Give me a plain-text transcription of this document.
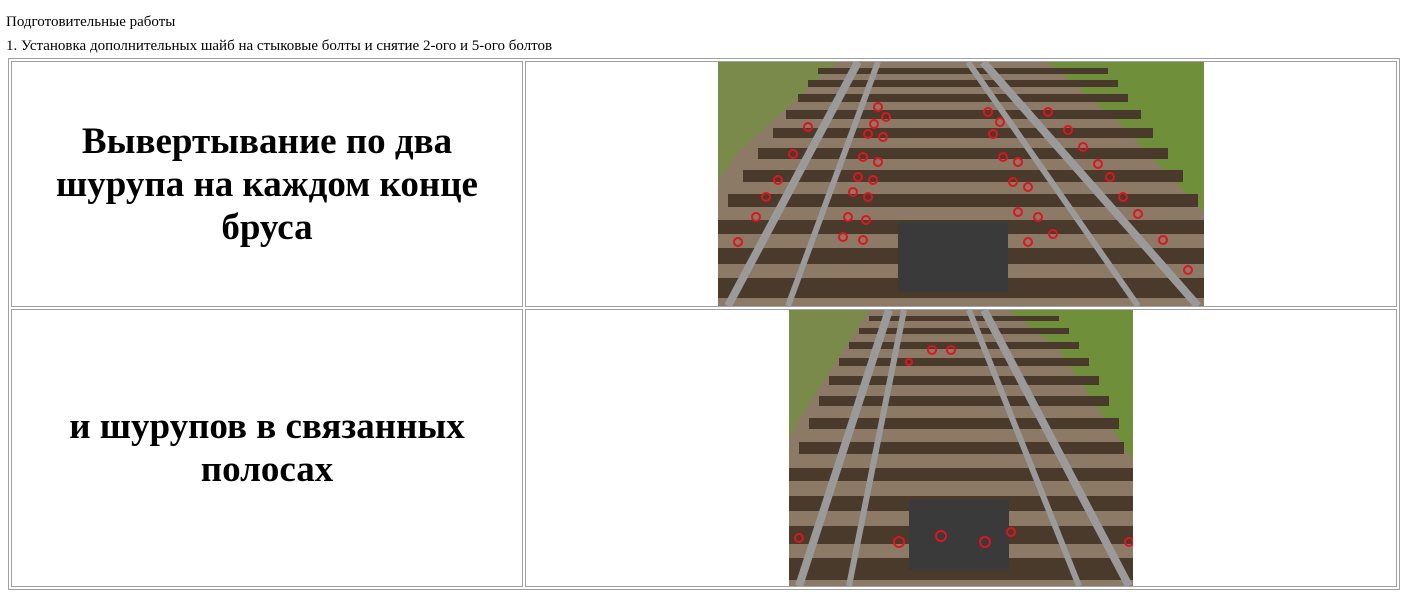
Подготовительные работы
1. Установка дополнительных шайб на стыковые болты и снятие 2-ого и 5-ого болтов
Вывертывание по два шурупа на каждом конце бруса

и шурупов в связанных полосах
